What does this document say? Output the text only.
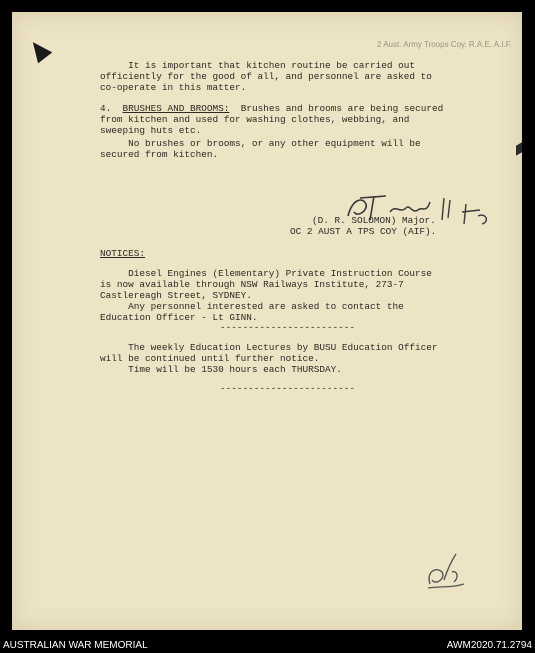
2 Aust. Army Troops Coy. R.A.E. A.I.F.
It is important that kitchen routine be carried out
officiently for the good of all, and personnel are asked to
co-operate in this matter.
4. BRUSHES AND BROOMS: Brushes and brooms are being secured
from kitchen and used for washing clothes, webbing, and
sweeping huts etc.
No brushes or brooms, or any other equipment will be
secured from kitchen.
(D. R. SOLOMON) Major.
OC 2 AUST A TPS COY (AIF).
NOTICES:
Diesel Engines (Elementary) Private Instruction Course
is now available through NSW Railways Institute, 273-7
Castlereagh Street, SYDNEY.
Any personnel interested are asked to contact the
Education Officer - Lt GINN.
------------------------
The weekly Education Lectures by BUSU Education Officer
will be continued until further notice.
Time will be 1530 hours each THURSDAY.
------------------------
AUSTRALIAN WAR MEMORIAL	AWM2020.71.2794
